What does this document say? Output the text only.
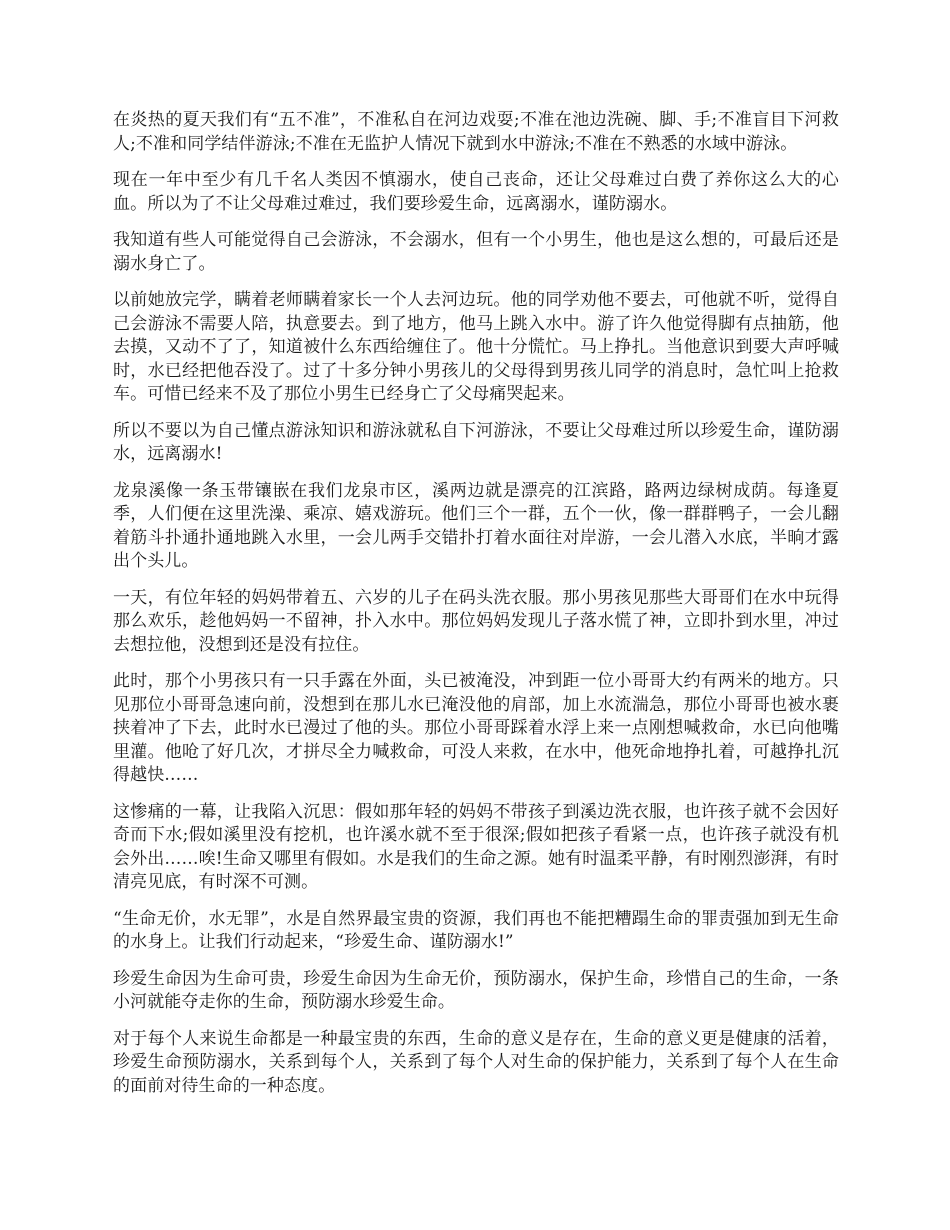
在炎热的夏天我们有“五不准”，不准私自在河边戏耍;不准在池边洗碗、脚、手;不准盲目下河救人;不准和同学结伴游泳;不准在无监护人情况下就到水中游泳;不准在不熟悉的水域中游泳。

现在一年中至少有几千名人类因不慎溺水，使自己丧命，还让父母难过白费了养你这么大的心血。所以为了不让父母难过难过，我们要珍爱生命，远离溺水，谨防溺水。

我知道有些人可能觉得自己会游泳，不会溺水，但有一个小男生，他也是这么想的，可最后还是溺水身亡了。

以前她放完学，瞒着老师瞒着家长一个人去河边玩。他的同学劝他不要去，可他就不听，觉得自己会游泳不需要人陪，执意要去。到了地方，他马上跳入水中。游了许久他觉得脚有点抽筋，他去摸，又动不了了，知道被什么东西给缠住了。他十分慌忙。马上挣扎。当他意识到要大声呼喊时，水已经把他吞没了。过了十多分钟小男孩儿的父母得到男孩儿同学的消息时，急忙叫上抢救车。可惜已经来不及了那位小男生已经身亡了父母痛哭起来。

所以不要以为自己懂点游泳知识和游泳就私自下河游泳，不要让父母难过所以珍爱生命，谨防溺水，远离溺水!

龙泉溪像一条玉带镶嵌在我们龙泉市区，溪两边就是漂亮的江滨路，路两边绿树成荫。每逢夏季，人们便在这里洗澡、乘凉、嬉戏游玩。他们三个一群，五个一伙，像一群群鸭子，一会儿翻着筋斗扑通扑通地跳入水里，一会儿两手交错扑打着水面往对岸游，一会儿潜入水底，半晌才露出个头儿。

一天，有位年轻的妈妈带着五、六岁的儿子在码头洗衣服。那小男孩见那些大哥哥们在水中玩得那么欢乐，趁他妈妈一不留神，扑入水中。那位妈妈发现儿子落水慌了神，立即扑到水里，冲过去想拉他，没想到还是没有拉住。

此时，那个小男孩只有一只手露在外面，头已被淹没，冲到距一位小哥哥大约有两米的地方。只见那位小哥哥急速向前，没想到在那儿水已淹没他的肩部，加上水流湍急，那位小哥哥也被水裹挟着冲了下去，此时水已漫过了他的头。那位小哥哥踩着水浮上来一点刚想喊救命，水已向他嘴里灌。他呛了好几次，才拼尽全力喊救命，可没人来救，在水中，他死命地挣扎着，可越挣扎沉得越快……

这惨痛的一幕，让我陷入沉思：假如那年轻的妈妈不带孩子到溪边洗衣服，也许孩子就不会因好奇而下水;假如溪里没有挖机，也许溪水就不至于很深;假如把孩子看紧一点，也许孩子就没有机会外出……唉!生命又哪里有假如。水是我们的生命之源。她有时温柔平静，有时刚烈澎湃，有时清亮见底，有时深不可测。

“生命无价，水无罪”，水是自然界最宝贵的资源，我们再也不能把糟蹋生命的罪责强加到无生命的水身上。让我们行动起来，“珍爱生命、谨防溺水!”

珍爱生命因为生命可贵，珍爱生命因为生命无价，预防溺水，保护生命，珍惜自己的生命，一条小河就能夺走你的生命，预防溺水珍爱生命。

对于每个人来说生命都是一种最宝贵的东西，生命的意义是存在，生命的意义更是健康的活着，珍爱生命预防溺水，关系到每个人，关系到了每个人对生命的保护能力，关系到了每个人在生命的面前对待生命的一种态度。
